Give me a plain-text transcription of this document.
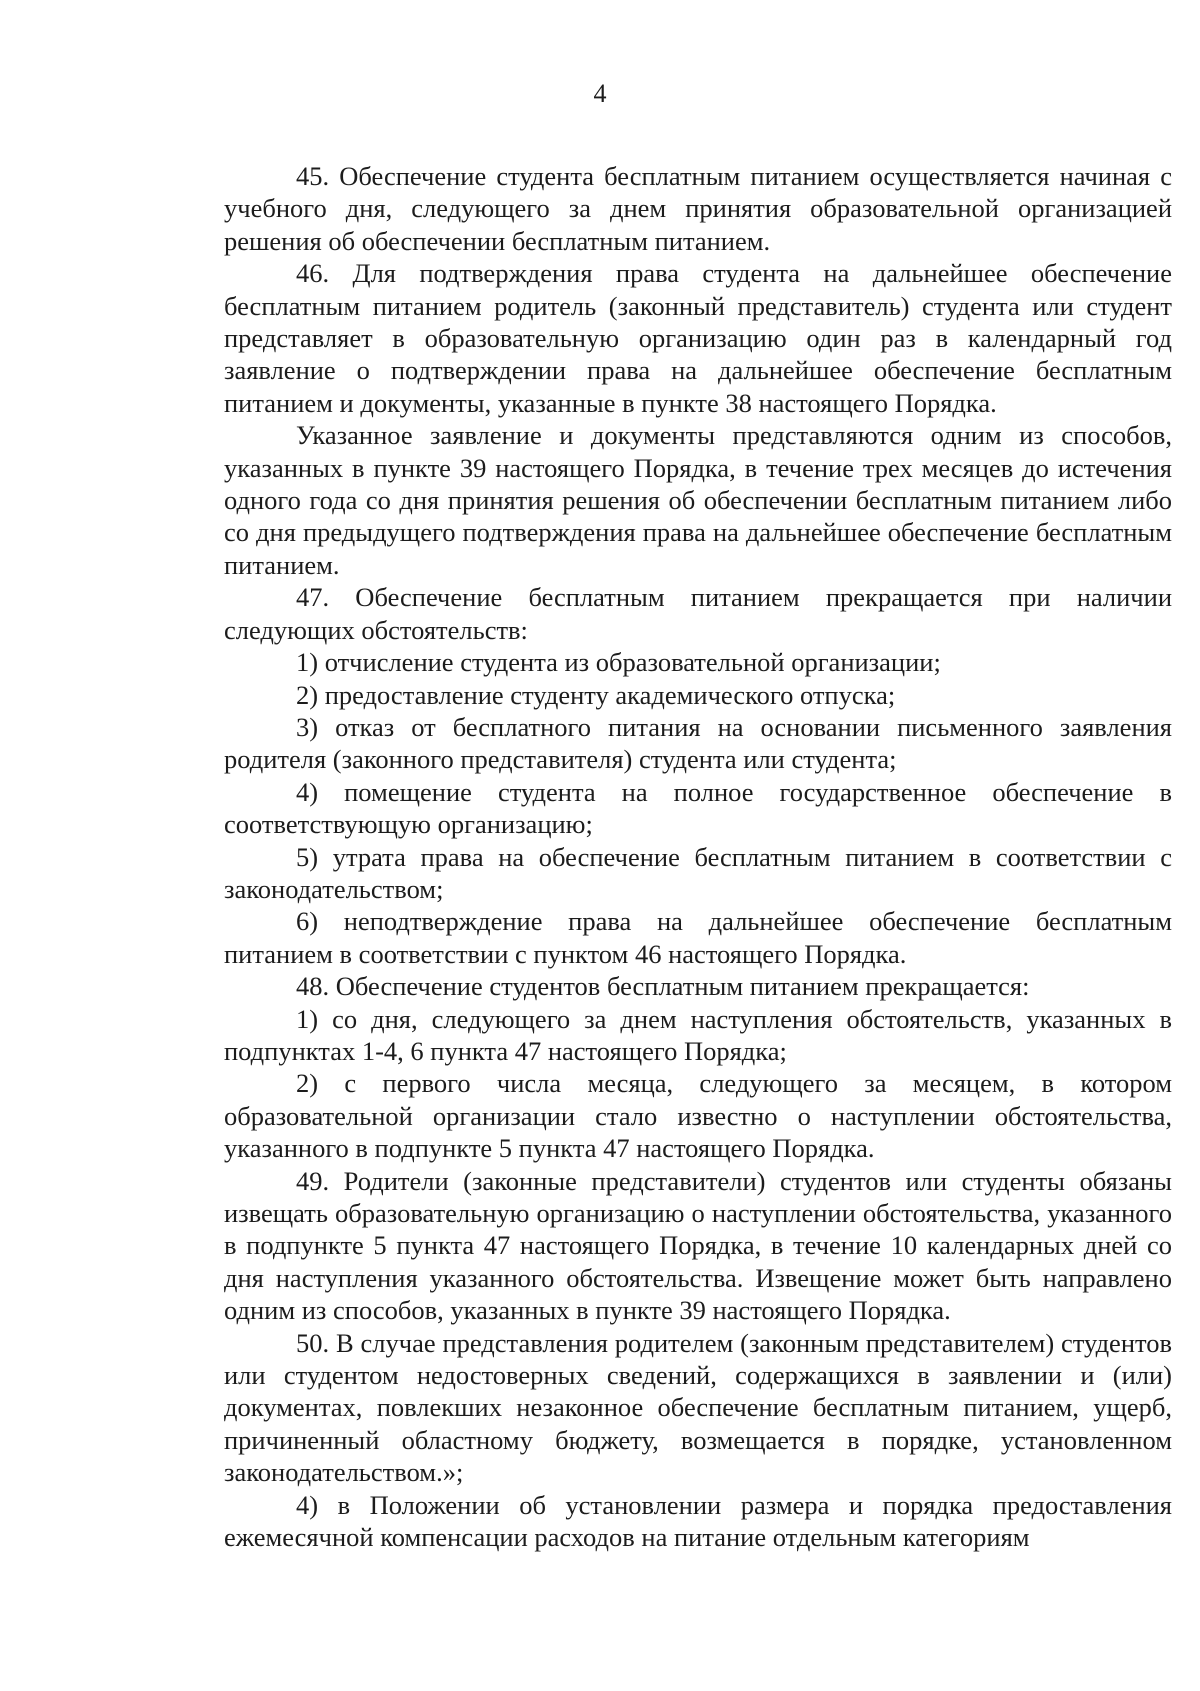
4

45. Обеспечение студента бесплатным питанием осуществляется начиная с учебного дня, следующего за днем принятия образовательной организацией решения об обеспечении бесплатным питанием.

46. Для подтверждения права студента на дальнейшее обеспечение бесплатным питанием родитель (законный представитель) студента или студент представляет в образовательную организацию один раз в календарный год заявление о подтверждении права на дальнейшее обеспечение бесплатным питанием и документы, указанные в пункте 38 настоящего Порядка.

Указанное заявление и документы представляются одним из способов, указанных в пункте 39 настоящего Порядка, в течение трех месяцев до истечения одного года со дня принятия решения об обеспечении бесплатным питанием либо со дня предыдущего подтверждения права на дальнейшее обеспечение бесплатным питанием.

47. Обеспечение бесплатным питанием прекращается при наличии следующих обстоятельств:

1) отчисление студента из образовательной организации;

2) предоставление студенту академического отпуска;

3) отказ от бесплатного питания на основании письменного заявления родителя (законного представителя) студента или студента;

4) помещение студента на полное государственное обеспечение в соответствующую организацию;

5) утрата права на обеспечение бесплатным питанием в соответствии с законодательством;

6) неподтверждение права на дальнейшее обеспечение бесплатным питанием в соответствии с пунктом 46 настоящего Порядка.

48. Обеспечение студентов бесплатным питанием прекращается:

1) со дня, следующего за днем наступления обстоятельств, указанных в подпунктах 1-4, 6 пункта 47 настоящего Порядка;

2) с первого числа месяца, следующего за месяцем, в котором образовательной организации стало известно о наступлении обстоятельства, указанного в подпункте 5 пункта 47 настоящего Порядка.

49. Родители (законные представители) студентов или студенты обязаны извещать образовательную организацию о наступлении обстоятельства, указанного в подпункте 5 пункта 47 настоящего Порядка, в течение 10 календарных дней со дня наступления указанного обстоятельства. Извещение может быть направлено одним из способов, указанных в пункте 39 настоящего Порядка.

50. В случае представления родителем (законным представителем) студентов или студентом недостоверных сведений, содержащихся в заявлении и (или) документах, повлекших незаконное обеспечение бесплатным питанием, ущерб, причиненный областному бюджету, возмещается в порядке, установленном законодательством.»;

4) в Положении об установлении размера и порядка предоставления ежемесячной компенсации расходов на питание отдельным категориям
